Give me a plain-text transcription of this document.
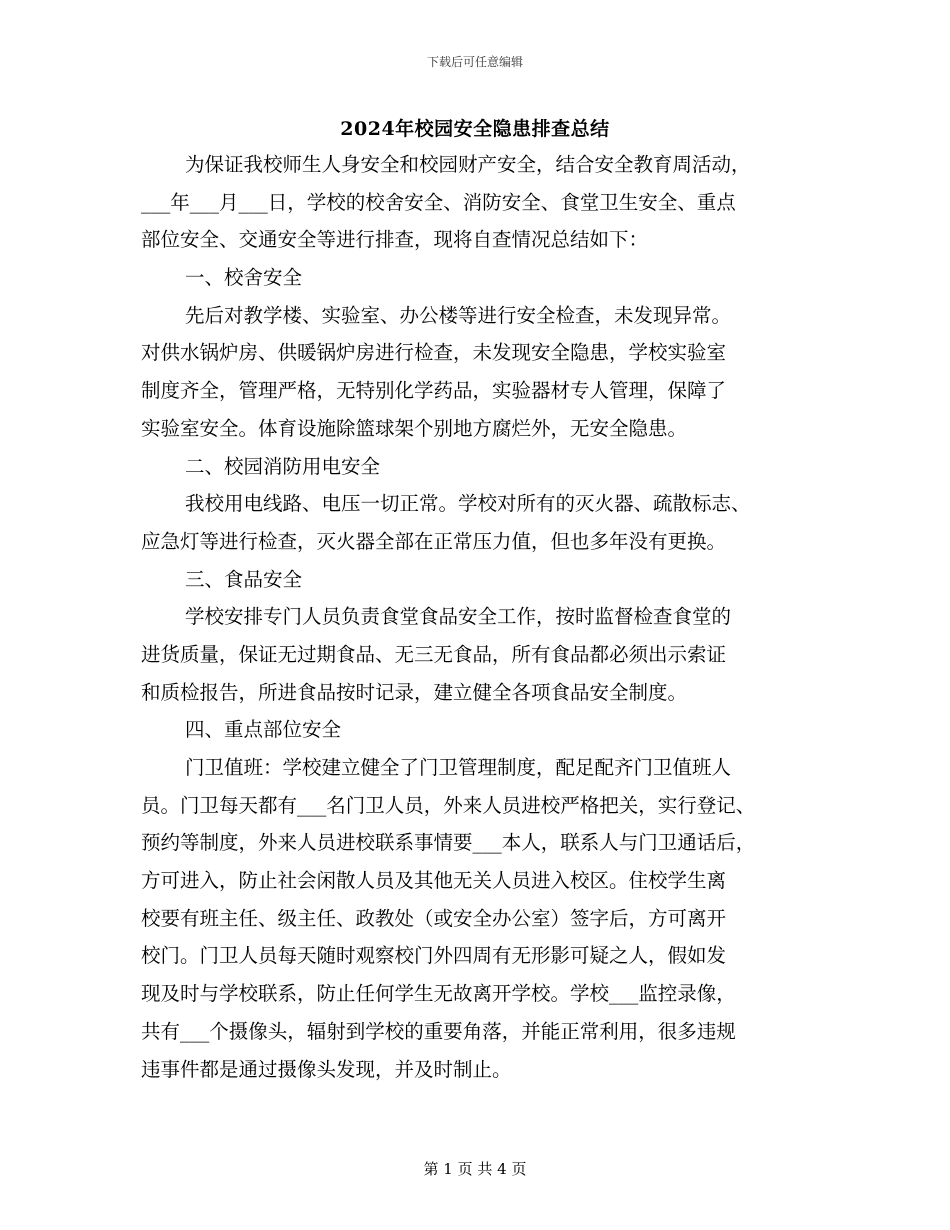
下载后可任意编辑
2024年校园安全隐患排查总结
为保证我校师生人身安全和校园财产安全，结合安全教育周活动，
___年___月___日，学校的校舍安全、消防安全、食堂卫生安全、重点
部位安全、交通安全等进行排查，现将自查情况总结如下：
一、校舍安全
先后对教学楼、实验室、办公楼等进行安全检查，未发现异常。
对供水锅炉房、供暖锅炉房进行检查，未发现安全隐患，学校实验室
制度齐全，管理严格，无特别化学药品，实验器材专人管理，保障了
实验室安全。体育设施除篮球架个别地方腐烂外，无安全隐患。
二、校园消防用电安全
我校用电线路、电压一切正常。学校对所有的灭火器、疏散标志、
应急灯等进行检查，灭火器全部在正常压力值，但也多年没有更换。
三、食品安全
学校安排专门人员负责食堂食品安全工作，按时监督检查食堂的
进货质量，保证无过期食品、无三无食品，所有食品都必须出示索证
和质检报告，所进食品按时记录，建立健全各项食品安全制度。
四、重点部位安全
门卫值班：学校建立健全了门卫管理制度，配足配齐门卫值班人
员。门卫每天都有___名门卫人员，外来人员进校严格把关，实行登记、
预约等制度，外来人员进校联系事情要___本人，联系人与门卫通话后，
方可进入，防止社会闲散人员及其他无关人员进入校区。住校学生离
校要有班主任、级主任、政教处（或安全办公室）签字后，方可离开
校门。门卫人员每天随时观察校门外四周有无形影可疑之人，假如发
现及时与学校联系，防止任何学生无故离开学校。学校___监控录像，
共有___个摄像头，辐射到学校的重要角落，并能正常利用，很多违规
违事件都是通过摄像头发现，并及时制止。
第 1 页 共 4 页
